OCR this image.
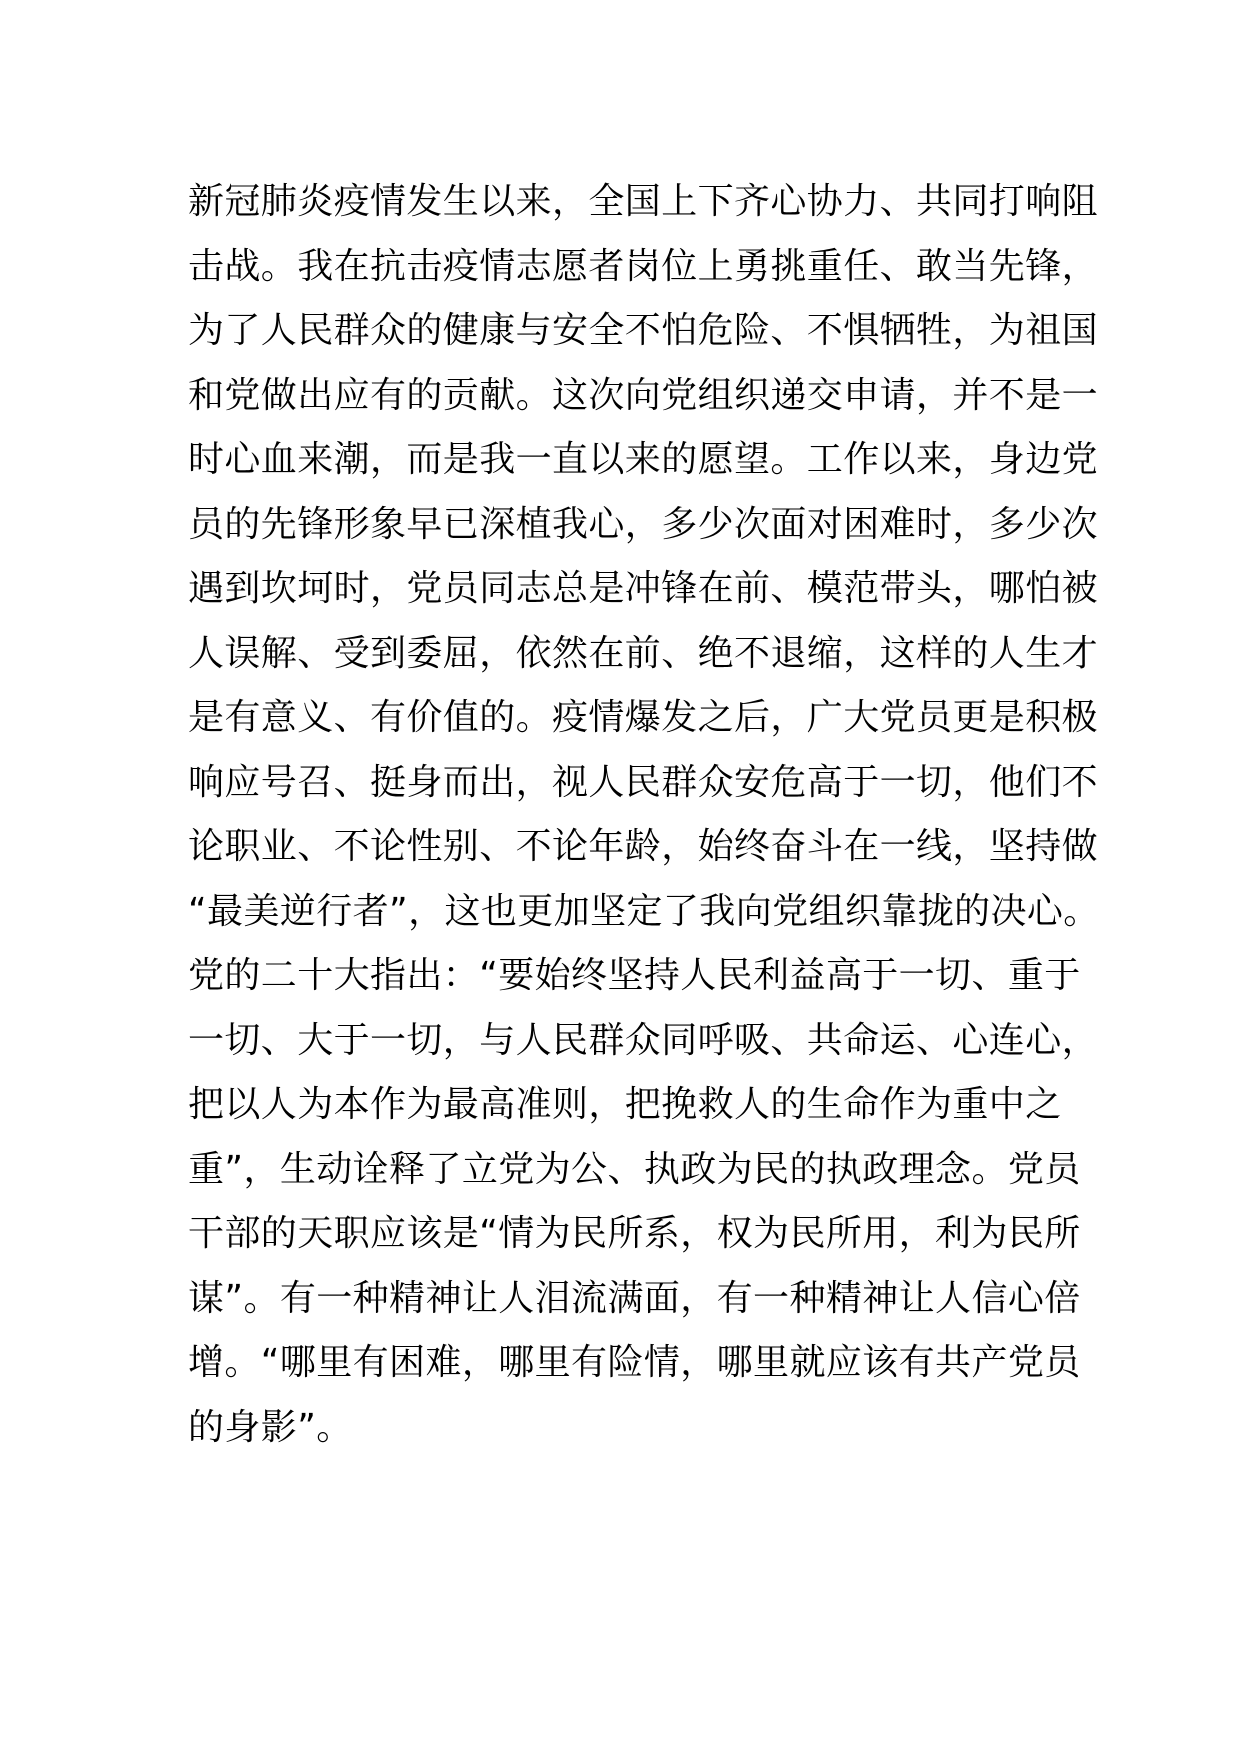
新冠肺炎疫情发生以来，全国上下齐心协力、共同打响阻
击战。我在抗击疫情志愿者岗位上勇挑重任、敢当先锋，
为了人民群众的健康与安全不怕危险、不惧牺牲，为祖国
和党做出应有的贡献。这次向党组织递交申请，并不是一
时心血来潮，而是我一直以来的愿望。工作以来，身边党
员的先锋形象早已深植我心，多少次面对困难时，多少次
遇到坎坷时，党员同志总是冲锋在前、模范带头，哪怕被
人误解、受到委屈，依然在前、绝不退缩，这样的人生才
是有意义、有价值的。疫情爆发之后，广大党员更是积极
响应号召、挺身而出，视人民群众安危高于一切，他们不
论职业、不论性别、不论年龄，始终奋斗在一线，坚持做
“最美逆行者”，这也更加坚定了我向党组织靠拢的决心。
党的二十大指出：“要始终坚持人民利益高于一切、重于
一切、大于一切，与人民群众同呼吸、共命运、心连心，
把以人为本作为最高准则，把挽救人的生命作为重中之
重”，生动诠释了立党为公、执政为民的执政理念。党员
干部的天职应该是“情为民所系，权为民所用，利为民所
谋”。有一种精神让人泪流满面，有一种精神让人信心倍
增。“哪里有困难，哪里有险情，哪里就应该有共产党员
的身影”。
